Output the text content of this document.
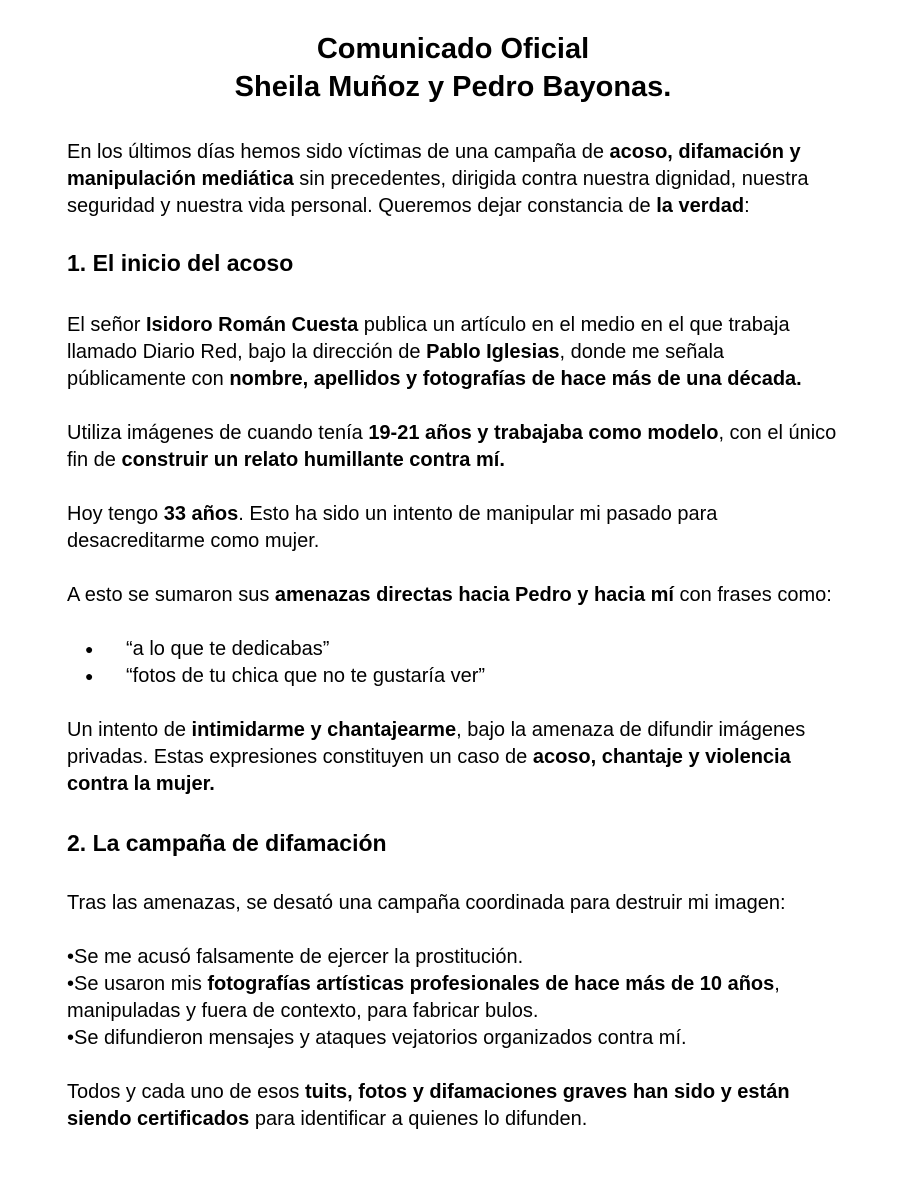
Comunicado Oficial
Sheila Muñoz y Pedro Bayonas.

En los últimos días hemos sido víctimas de una campaña de acoso, difamación y manipulación mediática sin precedentes, dirigida contra nuestra dignidad, nuestra seguridad y nuestra vida personal. Queremos dejar constancia de la verdad:

1. El inicio del acoso

El señor Isidoro Román Cuesta publica un artículo en el medio en el que trabaja llamado Diario Red, bajo la dirección de Pablo Iglesias, donde me señala públicamente con nombre, apellidos y fotografías de hace más de una década.

Utiliza imágenes de cuando tenía 19-21 años y trabajaba como modelo, con el único fin de construir un relato humillante contra mí.

Hoy tengo 33 años. Esto ha sido un intento de manipular mi pasado para desacreditarme como mujer.

A esto se sumaron sus amenazas directas hacia Pedro y hacia mí con frases como:

● “a lo que te dedicabas”
● “fotos de tu chica que no te gustaría ver”

Un intento de intimidarme y chantajearme, bajo la amenaza de difundir imágenes privadas. Estas expresiones constituyen un caso de acoso, chantaje y violencia contra la mujer.

2. La campaña de difamación

Tras las amenazas, se desató una campaña coordinada para destruir mi imagen:

•Se me acusó falsamente de ejercer la prostitución.

•Se usaron mis fotografías artísticas profesionales de hace más de 10 años, manipuladas y fuera de contexto, para fabricar bulos.

•Se difundieron mensajes y ataques vejatorios organizados contra mí.

Todos y cada uno de esos tuits, fotos y difamaciones graves han sido y están siendo certificados para identificar a quienes lo difunden.
